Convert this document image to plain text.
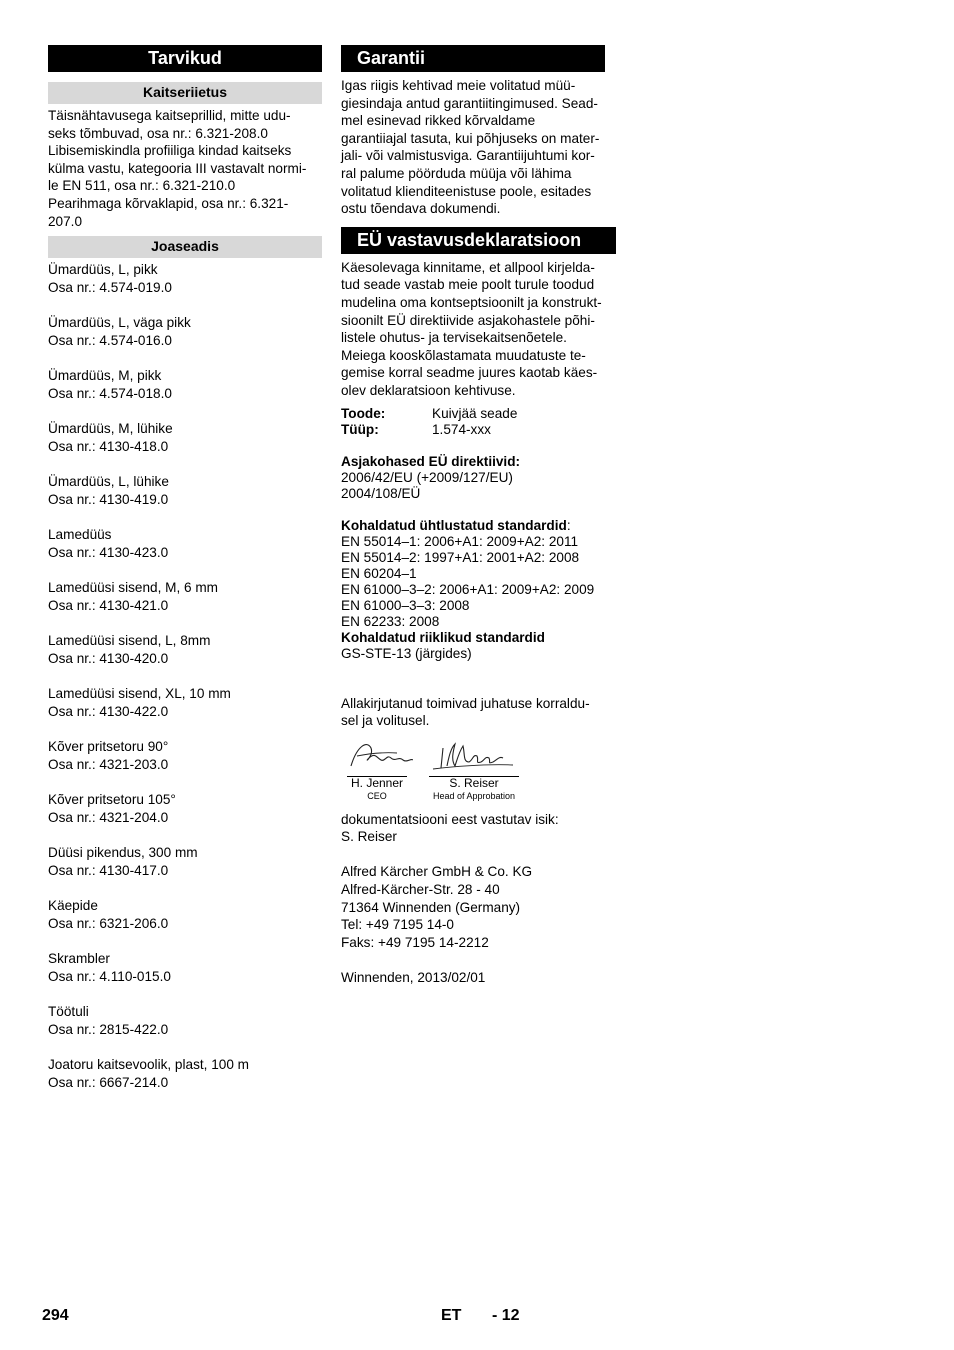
Tarvikud
Kaitseriietus

Täisnähtavusega kaitseprillid, mitte udu-

seks tõmbuvad, osa nr.: 6.321-208.0

Libisemiskindla profiiliga kindad kaitseks

külma vastu, kategooria III vastavalt normi-

le EN 511, osa nr.: 6.321-210.0

Pearihmaga kõrvaklapid, osa nr.: 6.321-

207.0

Joaseadis

Ümardüüs, L, pikk

Osa nr.: 4.574-019.0

Ümardüüs, L, väga pikk

Osa nr.: 4.574-016.0

Ümardüüs, M, pikk

Osa nr.: 4.574-018.0

Ümardüüs, M, lühike

Osa nr.: 4130-418.0

Ümardüüs, L, lühike

Osa nr.: 4130-419.0

Lamedüüs

Osa nr.: 4130-423.0

Lamedüüsi sisend, M, 6 mm

Osa nr.: 4130-421.0

Lamedüüsi sisend, L, 8mm

Osa nr.: 4130-420.0

Lamedüüsi sisend, XL, 10 mm

Osa nr.: 4130-422.0

Kõver pritsetoru 90°

Osa nr.: 4321-203.0

Kõver pritsetoru 105°

Osa nr.: 4321-204.0

Düüsi pikendus, 300 mm

Osa nr.: 4130-417.0

Käepide

Osa nr.: 6321-206.0

Skrambler

Osa nr.: 4.110-015.0

Töötuli

Osa nr.: 2815-422.0

Joatoru kaitsevoolik, plast, 100 m

Osa nr.: 6667-214.0

Garantii

Igas riigis kehtivad meie volitatud müü-

giesindaja antud garantiitingimused. Sead-

mel esinevad rikked kõrvaldame

garantiiajal tasuta, kui põhjuseks on mater-

jali- või valmistusviga. Garantiijuhtumi kor-

ral palume pöörduda müüja või lähima

volitatud klienditeenistuse poole, esitades

ostu tõendava dokumendi.

EÜ vastavusdeklaratsioon

Käesolevaga kinnitame, et allpool kirjelda-

tud seade vastab meie poolt turule toodud

mudelina oma kontseptsioonilt ja konstrukt-

sioonilt EÜ direktiivide asjakohastele põhi-

listele ohutus- ja tervisekaitsenõetele.

Meiega kooskõlastamata muudatuste te-

gemise korral seadme juures kaotab käes-

olev deklaratsioon kehtivuse.

Toode:	Kuivjää seade
Tüüp:	1.574-xxx

Asjakohased EÜ direktiivid:

2006/42/EU (+2009/127/EU)

2004/108/EÜ

Kohaldatud ühtlustatud standardid:

EN 55014–1: 2006+A1: 2009+A2: 2011

EN 55014–2: 1997+A1: 2001+A2: 2008

EN 60204–1

EN 61000–3–2: 2006+A1: 2009+A2: 2009

EN 61000–3–3: 2008

EN 62233: 2008

Kohaldatud riiklikud standardid

GS-STE-13 (järgides)

Allakirjutanud toimivad juhatuse korraldu-

sel ja volitusel.

H. Jenner
CEO
S. Reiser
Head of Approbation

dokumentatsiooni eest vastutav isik:

S. Reiser

Alfred Kärcher GmbH & Co. KG

Alfred-Kärcher-Str. 28 - 40

71364 Winnenden (Germany)

Tel: +49 7195 14-0

Faks: +49 7195 14-2212

Winnenden, 2013/02/01

294	ET - 12
